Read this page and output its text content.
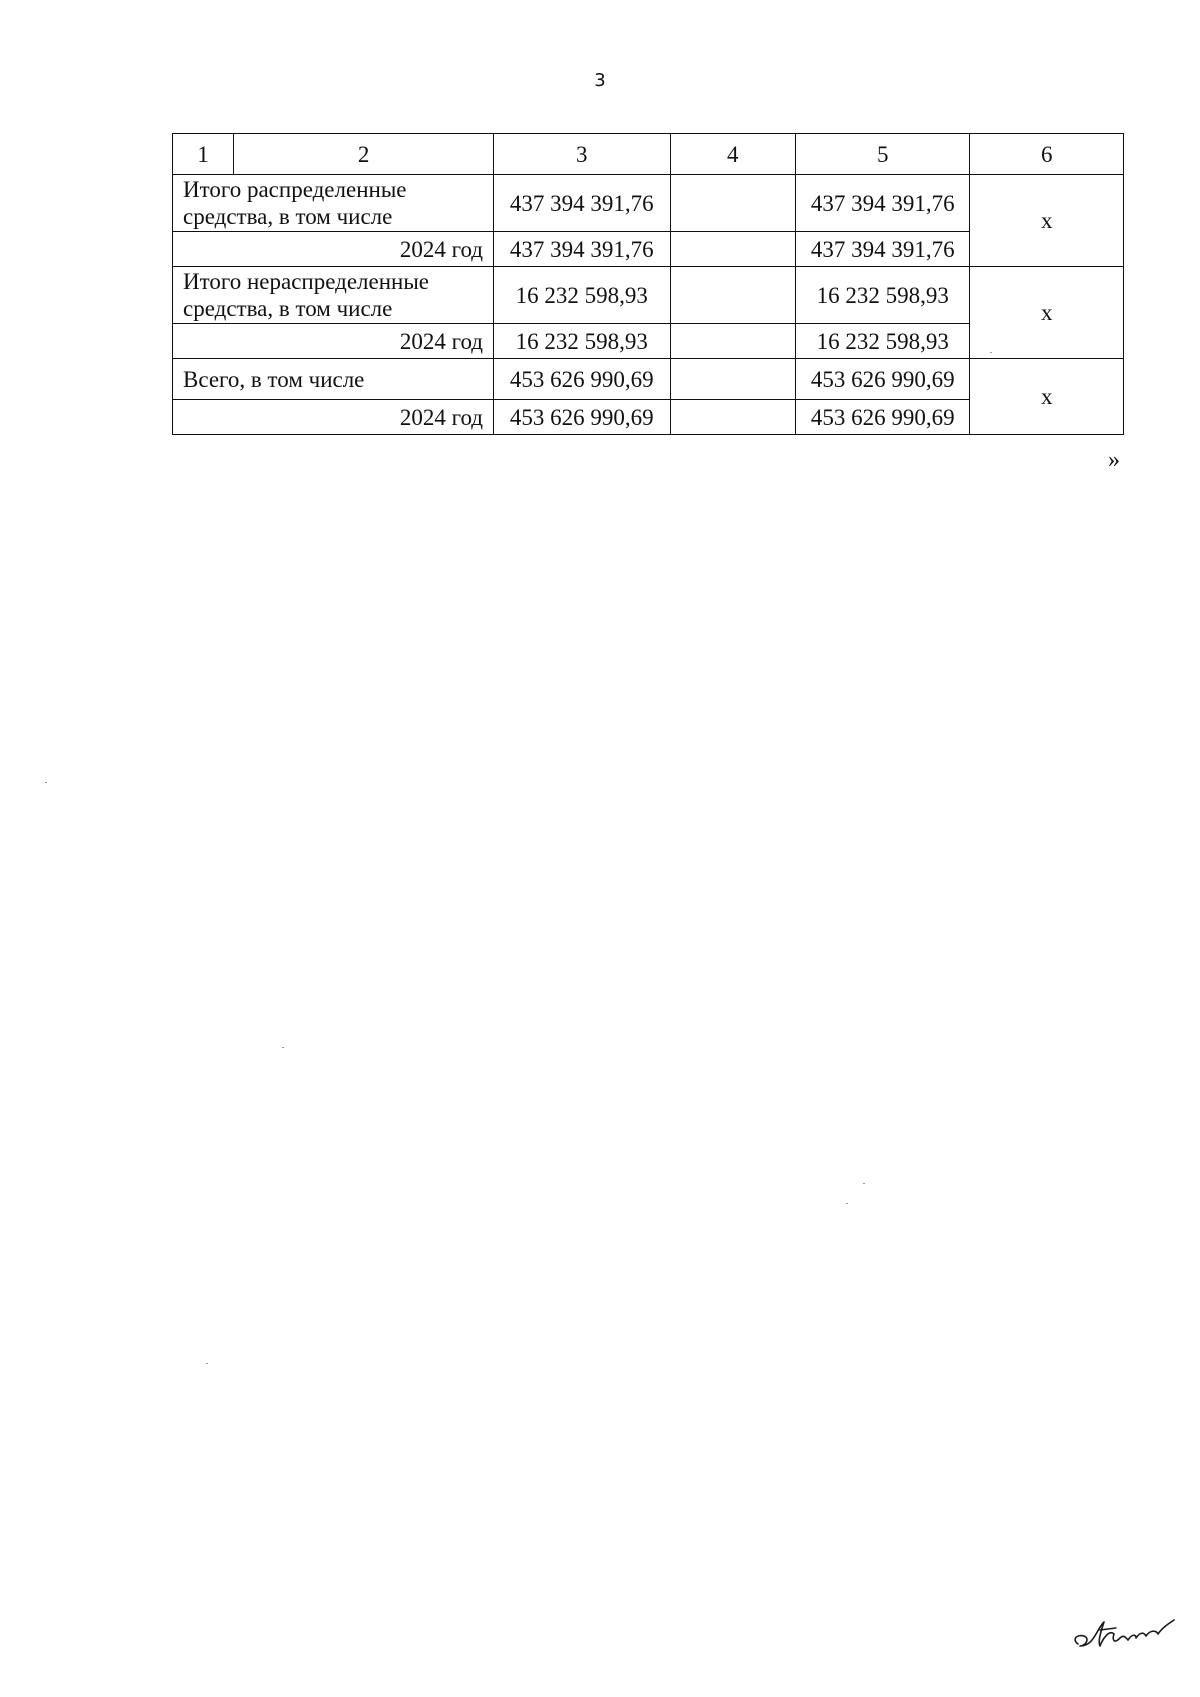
3
1	2	3	4	5	6
Итого распределенные средства, в том числе		437 394 391,76		437 394 391,76	x
2024 год		437 394 391,76		437 394 391,76	
Итого нераспределенные средства, в том числе		16 232 598,93		16 232 598,93	x
2024 год		16 232 598,93		16 232 598,93	
Всего, в том числе		453 626 990,69		453 626 990,69	x
2024 год		453 626 990,69		453 626 990,69	
»
